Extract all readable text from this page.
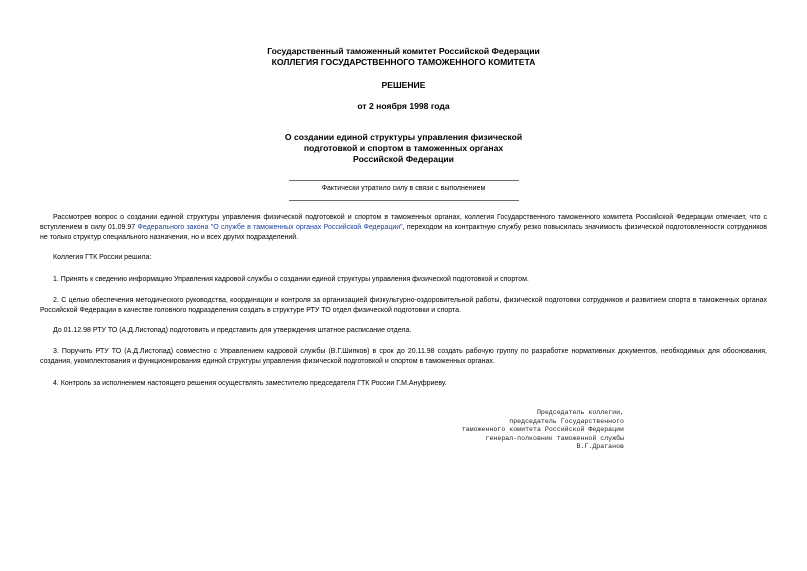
Государственный таможенный комитет Российской Федерации
КОЛЛЕГИЯ ГОСУДАРСТВЕННОГО ТАМОЖЕННОГО КОМИТЕТА
РЕШЕНИЕ
от 2 ноября 1998 года
О создании единой структуры управления физической
подготовкой и спортом в таможенных органах
Российской Федерации
Фактически утратило силу в связи с выполнением
Рассмотрев вопрос о создании единой структуры управления физической подготовкой и спортом в таможенных органах, коллегия Государственного таможенного комитета Российской Федерации отмечает, что с вступлением в силу 01.09.97 Федерального закона "О службе в таможенных органах Российской Федерации", переходом на контрактную службу резко повысилась значимость физической подготовленности сотрудников не только структур специального назначения, но и всех других подразделений.
Коллегия ГТК России решила:
1. Принять к сведению информацию Управления кадровой службы о создании единой структуры управления физической подготовкой и спортом.
2. С целью обеспечения методического руководства, координации и контроля за организацией физкультурно-оздоровительной работы, физической подготовки сотрудников и развитием спорта в таможенных органах Российской Федерации в качестве головного подразделения создать в структуре РТУ ТО отдел физической подготовки и спорта.
До 01.12.98 РТУ ТО (А.Д.Листопад) подготовить и представить для утверждения штатное расписание отдела.
3. Поручить РТУ ТО (А.Д.Листопад) совместно с Управлением кадровой службы (В.Г.Шипков) в срок до 20.11.98 создать рабочую группу по разработке нормативных документов, необходимых для обоснования, создания, укомплектования и функционирования единой структуры управления физической подготовкой и спортом в таможенных органах.
4. Контроль за исполнением настоящего решения осуществлять заместителю председателя ГТК России Г.М.Ануфриеву.
Председатель коллегии,
председатель Государственного
таможенного комитета Российской Федерации
генерал-полковник таможенной службы
В.Г.Драганов
